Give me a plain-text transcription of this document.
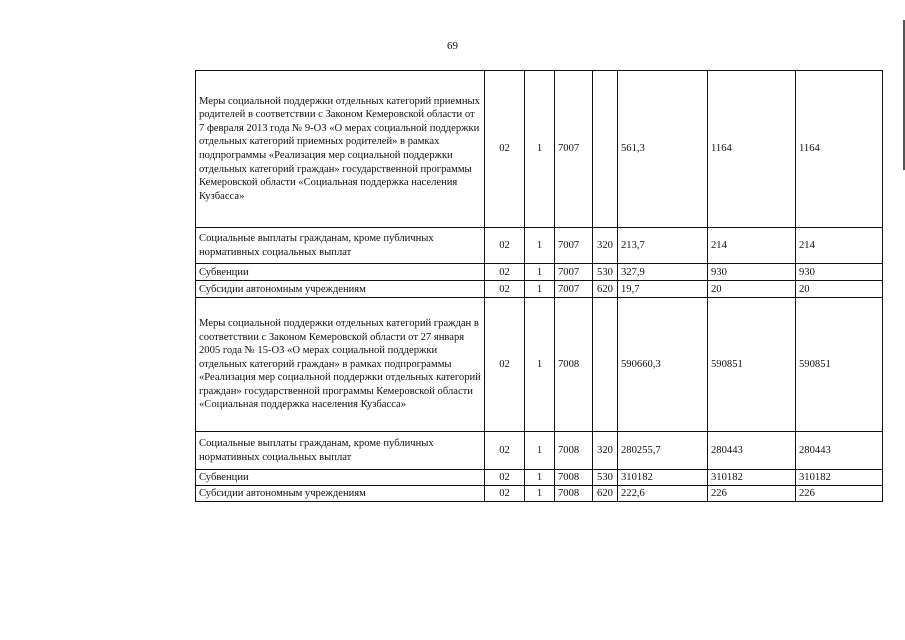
69
Меры социальной поддержки отдельных категорий приемных родителей в соответствии с Законом Кемеровской области от 7 февраля 2013 года № 9-ОЗ «О мерах социальной поддержки отдельных категорий приемных родителей» в рамках подпрограммы «Реализация мер социальной поддержки отдельных категорий граждан» государственной программы Кемеровской области «Социальная поддержка населения Кузбасса»	02	1	7007		561,3	1164	1164
Социальные выплаты гражданам, кроме публичных нормативных социальных выплат	02	1	7007	320	213,7	214	214
Субвенции	02	1	7007	530	327,9	930	930
Субсидии автономным учреждениям	02	1	7007	620	19,7	20	20
Меры социальной поддержки отдельных категорий граждан в соответствии с Законом Кемеровской области от 27 января 2005 года № 15-ОЗ «О мерах социальной поддержки отдельных категорий граждан» в рамках подпрограммы «Реализация мер социальной поддержки отдельных категорий граждан» государственной программы Кемеровской области «Социальная поддержка населения Кузбасса»	02	1	7008		590660,3	590851	590851
Социальные выплаты гражданам, кроме публичных нормативных социальных выплат	02	1	7008	320	280255,7	280443	280443
Субвенции	02	1	7008	530	310182	310182	310182
Субсидии автономным учреждениям	02	1	7008	620	222,6	226	226
